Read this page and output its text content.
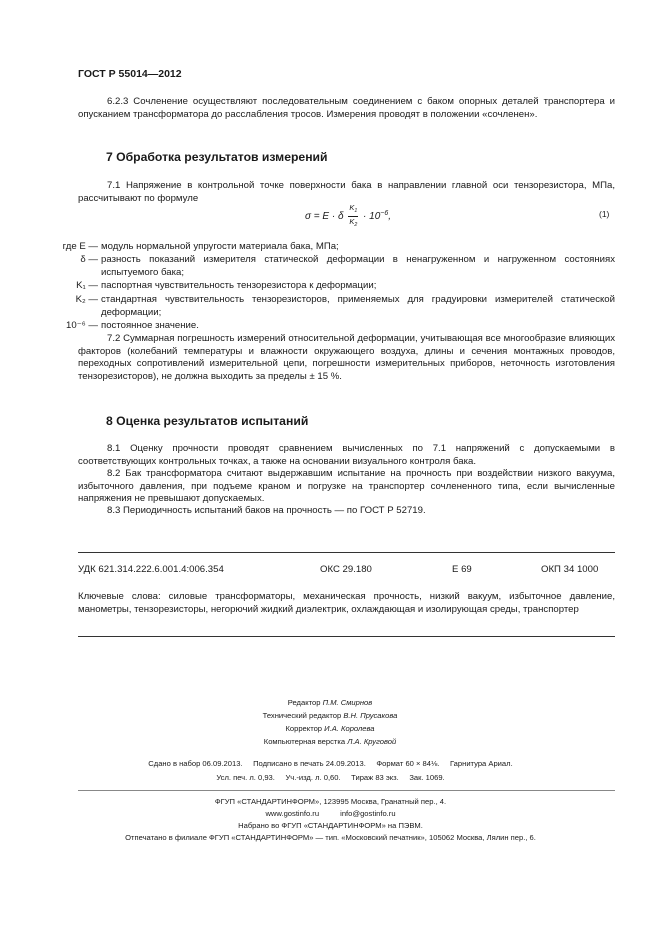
ГОСТ Р 55014—2012
6.2.3 Сочленение осуществляют последовательным соединением с баком опорных деталей транспортера и опусканием трансформатора до расслабления тросов. Измерения проводят в положении «сочленен».
7 Обработка результатов измерений
7.1 Напряжение в контрольной точке поверхности бака в направлении главной оси тензорезистора, МПа, рассчитывают по формуле
σ = E · δ $\frac{K_1}{K_2} \cdot 10^{-6}$,	(1)
где E — модуль нормальной упругости материала бака, МПа;
δ — разность показаний измерителя статической деформации в ненагруженном и нагруженном состояниях испытуемого бака;
K₁ — паспортная чувствительность тензорезистора к деформации;
K₂ — стандартная чувствительность тензорезисторов, применяемых для градуировки измерителей статической деформации;
10⁻⁶ — постоянное значение.
7.2 Суммарная погрешность измерений относительной деформации, учитывающая все многообразие влияющих факторов (колебаний температуры и влажности окружающего воздуха, длины и сечения монтажных проводов, переходных сопротивлений измерительной цепи, погрешности измерительных приборов, неточность изготовления тензорезисторов), не должна выходить за пределы ± 15 %.
8 Оценка результатов испытаний
8.1 Оценку прочности проводят сравнением вычисленных по 7.1 напряжений с допускаемыми в соответствующих контрольных точках, а также на основании визуального контроля бака.
8.2 Бак трансформатора считают выдержавшим испытание на прочность при воздействии низкого вакуума, избыточного давления, при подъеме краном и погрузке на транспортер сочлененного типа, если вычисленные напряжения не превышают допускаемых.
8.3 Периодичность испытаний баков на прочность — по ГОСТ Р 52719.
УДК 621.314.222.6.001.4:006.354	ОКС 29.180	Е 69	ОКП 34 1000
Ключевые слова: силовые трансформаторы, механическая прочность, низкий вакуум, избыточное давление, манометры, тензорезисторы, негорючий жидкий диэлектрик, охлаждающая и изолирующая среды, транспортер
Редактор П.М. Смирнов
Технический редактор В.Н. Прусакова
Корректор И.А. Королева
Компьютерная верстка Л.А. Круговой
Сдано в набор 06.09.2013.     Подписано в печать 24.09.2013.     Формат 60 × 84⅛.     Гарнитура Ариал.
Усл. печ. л. 0,93.     Уч.-изд. л. 0,60.     Тираж 83 экз.     Зак. 1069.
ФГУП «СТАНДАРТИНФОРМ», 123995 Москва, Гранатный пер., 4.
www.gostinfo.ru          info@gostinfo.ru
Набрано во ФГУП «СТАНДАРТИНФОРМ» на ПЭВМ.
Отпечатано в филиале ФГУП «СТАНДАРТИНФОРМ» — тип. «Московский печатник», 105062 Москва, Лялин пер., 6.
